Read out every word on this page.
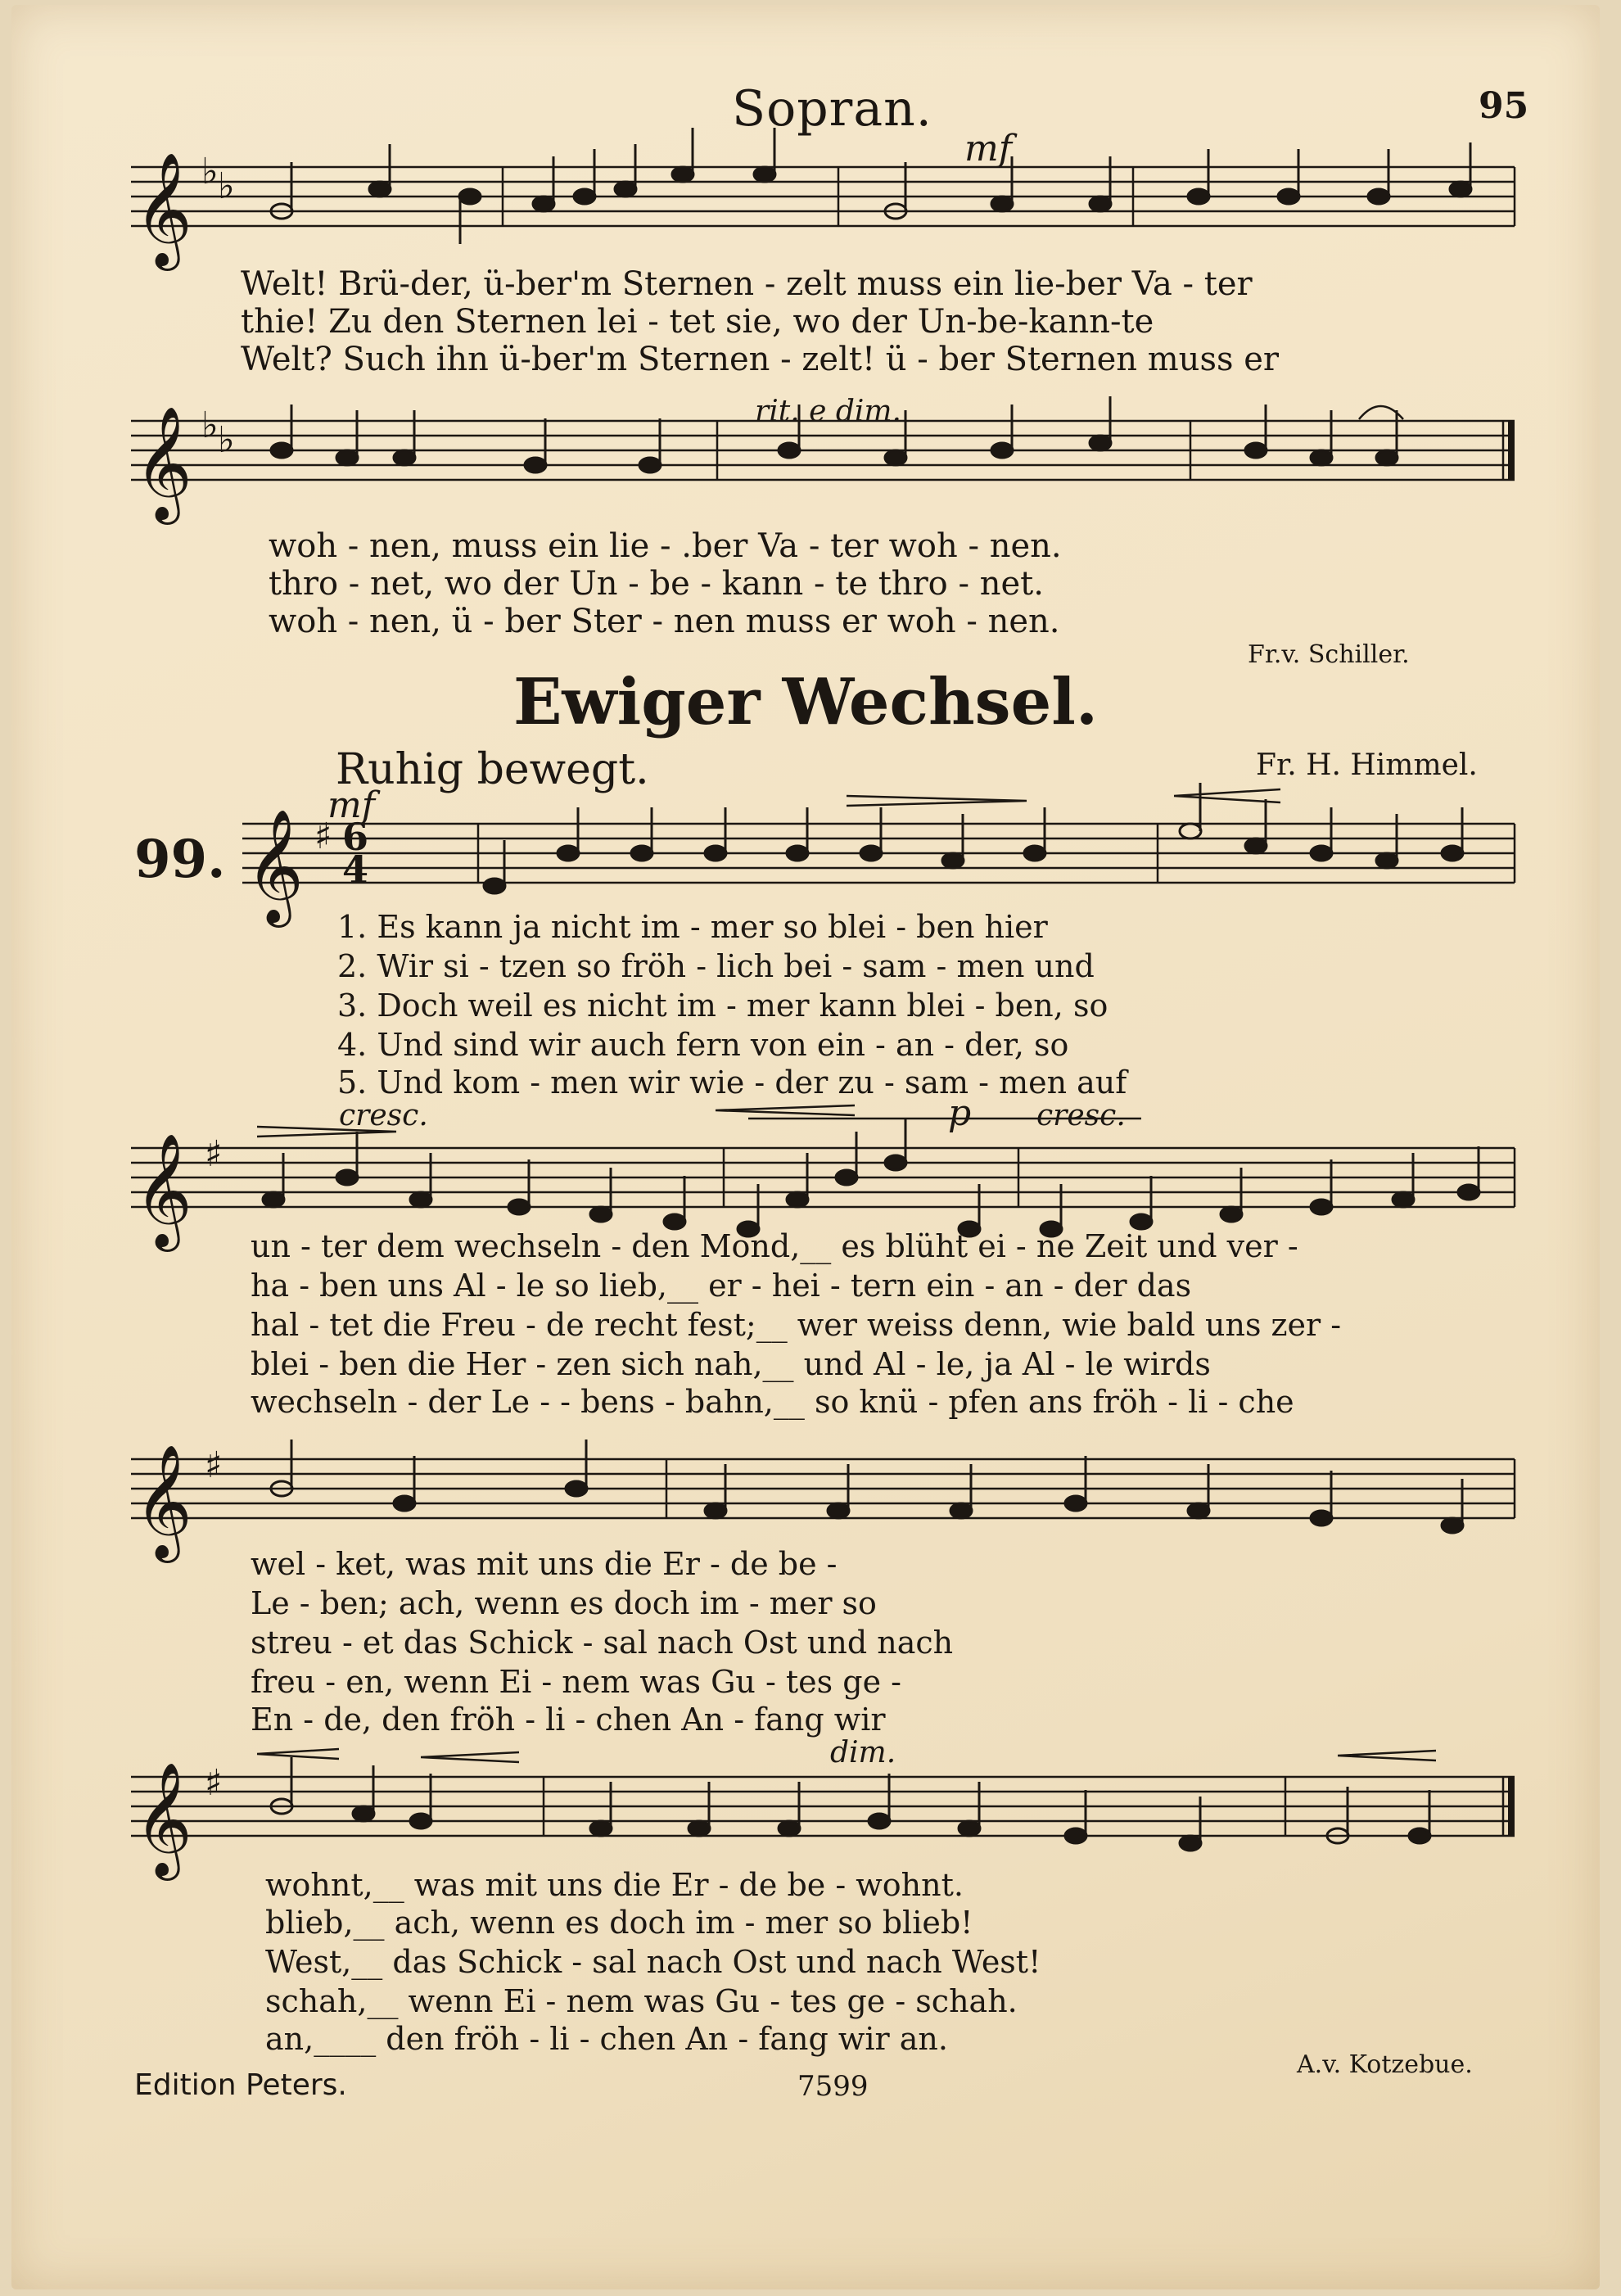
𝄞
𝄞
𝄞
𝄞
𝄞
𝄞
♭ ♭
♭ ♭
♯
♯
♯
♯
6
4
Sopran.	95
mf
rit. e dim.
mf
cresc.	p cresc.
dim.
Welt! Brü-der, ü-ber'm Sternen - zelt muss ein lie-ber Va - ter
thie! Zu den Sternen lei - tet sie, wo der Un-be-kann-te
Welt? Such ihn ü-ber'm Sternen - zelt! ü - ber Sternen muss er
woh - nen, muss ein lie - .ber Va - ter woh - nen.
thro - net, wo der Un - be - kann - te thro - net.
woh - nen, ü - ber Ster - nen muss er woh - nen.
Fr.v. Schiller.
Ewiger Wechsel.
Ruhig bewegt.	Fr. H. Himmel.
99.
1. Es kann ja nicht im - mer so blei - ben hier
2. Wir si - tzen so fröh - lich bei - sam - men und
3. Doch weil es nicht im - mer kann blei - ben, so
4. Und sind wir auch fern von ein - an - der, so
5. Und kom - men wir wie - der zu - sam - men auf
un - ter dem wechseln - den Mond,__ es blüht ei - ne Zeit und ver -
ha - ben uns Al - le so lieb,__ er - hei - tern ein - an - der das
hal - tet die Freu - de recht fest;__ wer weiss denn, wie bald uns zer -
blei - ben die Her - zen sich nah,__ und Al - le, ja Al - le wirds
wechseln - der Le - - bens - bahn,__ so knü - pfen ans fröh - li - che
wel - ket, was mit uns die Er - de be -
Le - ben; ach, wenn es doch im - mer so
streu - et das Schick - sal nach Ost und nach
freu - en, wenn Ei - nem was Gu - tes ge -
En - de, den fröh - li - chen An - fang wir
wohnt,__ was mit uns die Er - de be - wohnt.
blieb,__ ach, wenn es doch im - mer so blieb!
West,__ das Schick - sal nach Ost und nach West!
schah,__ wenn Ei - nem was Gu - tes ge - schah.
an,____ den fröh - li - chen An - fang wir an.
A.v. Kotzebue.
Edition Peters.	7599
